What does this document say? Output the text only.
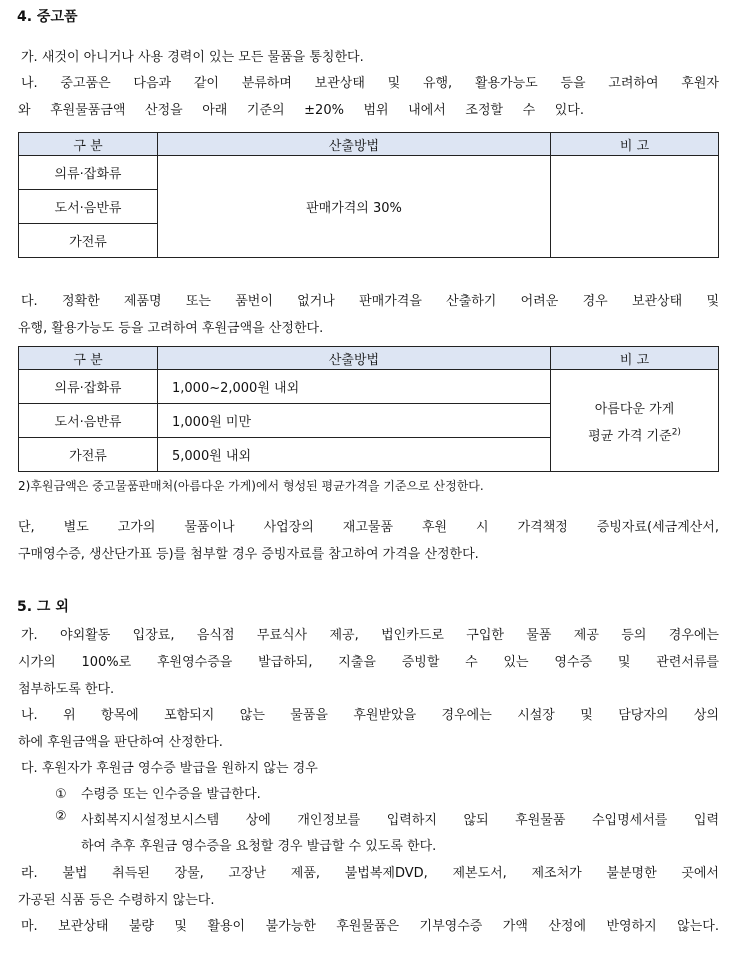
4. 중고품
가. 새것이 아니거나 사용 경력이 있는 모든 물품을 통칭한다.
나. 중고품은 다음과 같이 분류하며 보관상태 및 유행, 활용가능도 등을 고려하여 후원자
와 후원물품금액 산정을 아래 기준의 ±20% 범위 내에서 조정할 수 있다.
구 분	산출방법	비 고
의류·잡화류	판매가격의 30%	
도서·음반류		
가전류		
다. 정확한 제품명 또는 품번이 없거나 판매가격을 산출하기 어려운 경우 보관상태 및
유행, 활용가능도 등을 고려하여 후원금액을 산정한다.
구 분	산출방법	비 고
의류·잡화류	1,000~2,000원 내외	아름다운 가게
평균 가격 기준$^{2)}$

도서·음반류	1,000원 미만	
가전류	5,000원 내외	
2)후원금액은 중고물품판매처(아름다운 가게)에서 형성된 평균가격을 기준으로 산정한다.
단, 별도 고가의 물품이나 사업장의 재고물품 후원 시 가격책정 증빙자료(세금계산서,
구매영수증, 생산단가표 등)를 첨부할 경우 증빙자료를 참고하여 가격을 산정한다.
5. 그 외
가. 야외활동 입장료, 음식점 무료식사 제공, 법인카드로 구입한 물품 제공 등의 경우에는
시가의 100%로 후원영수증을 발급하되, 지출을 증빙할 수 있는 영수증 및 관련서류를
첨부하도록 한다.
나. 위 항목에 포함되지 않는 물품을 후원받았을 경우에는 시설장 및 담당자의 상의
하에 후원금액을 판단하여 산정한다.
다. 후원자가 후원금 영수증 발급을 원하지 않는 경우
① 수령증 또는 인수증을 발급한다.
② 사회복지시설정보시스템 상에 개인정보를 입력하지 않되 후원물품 수입명세서를 입력
하여 추후 후원금 영수증을 요청할 경우 발급할 수 있도록 한다.
라. 불법 취득된 장물, 고장난 제품, 불법복제DVD, 제본도서, 제조처가 불분명한 곳에서
가공된 식품 등은 수령하지 않는다.
마. 보관상태 불량 및 활용이 불가능한 후원물품은 기부영수증 가액 산정에 반영하지 않는다.
